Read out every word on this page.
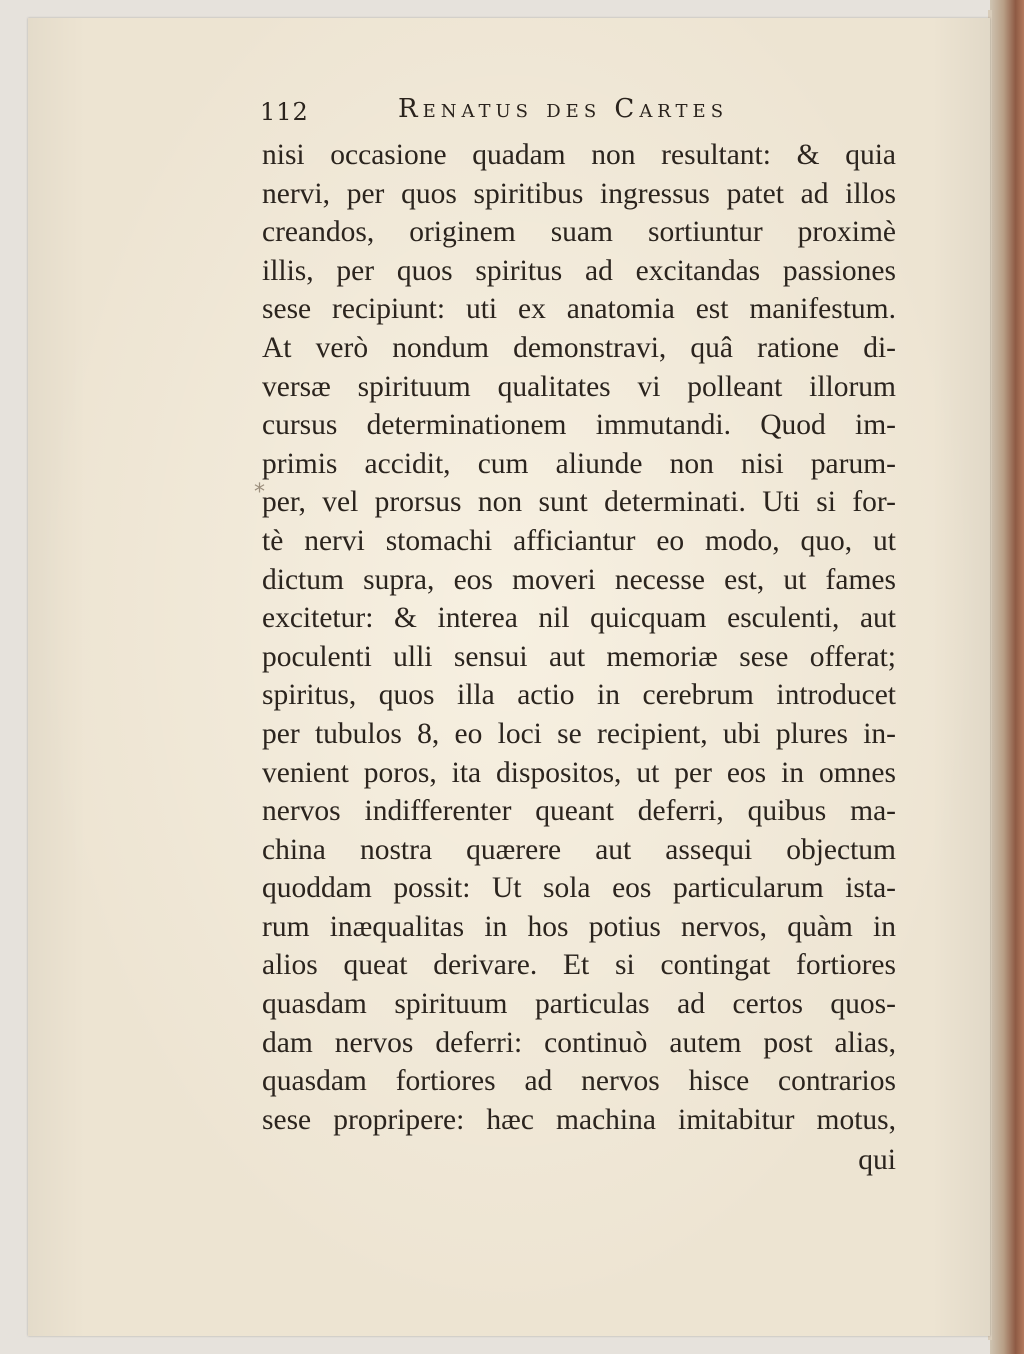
112	Renatus des Cartes
*
nisi occasione quadam non resultant: & quia
nervi, per quos spiritibus ingressus patet ad illos
creandos, originem suam sortiuntur proximè
illis, per quos spiritus ad excitandas passiones
sese recipiunt: uti ex anatomia est manifestum.
At verò nondum demonstravi, quâ ratione di-
versæ spirituum qualitates vi polleant illorum
cursus determinationem immutandi. Quod im-
primis accidit, cum aliunde non nisi parum-
per, vel prorsus non sunt determinati. Uti si for-
tè nervi stomachi afficiantur eo modo, quo, ut
dictum supra, eos moveri necesse est, ut fames
excitetur: & interea nil quicquam esculenti, aut
poculenti ulli sensui aut memoriæ sese offerat;
spiritus, quos illa actio in cerebrum introducet
per tubulos 8, eo loci se recipient, ubi plures in-
venient poros, ita dispositos, ut per eos in omnes
nervos indifferenter queant deferri, quibus ma-
china nostra quærere aut assequi objectum
quoddam possit: Ut sola eos particularum ista-
rum inæqualitas in hos potius nervos, quàm in
alios queat derivare. Et si contingat fortiores
quasdam spirituum particulas ad certos quos-
dam nervos deferri: continuò autem post alias,
quasdam fortiores ad nervos hisce contrarios
sese propripere: hæc machina imitabitur motus,
qui
